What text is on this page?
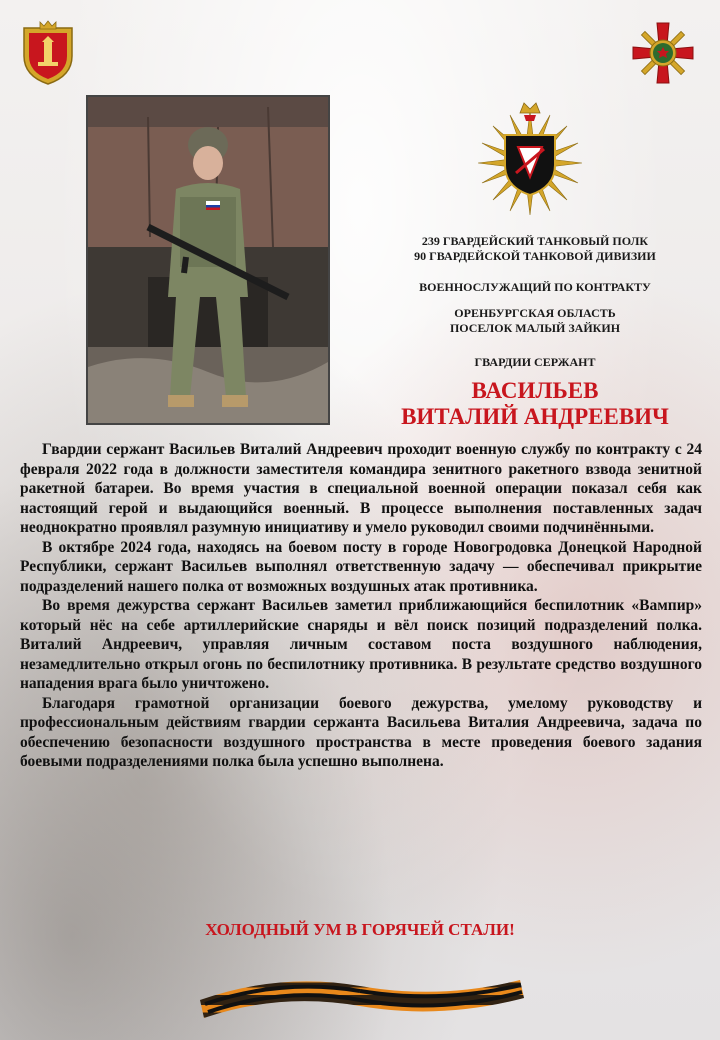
239 ГВАРДЕЙСКИЙ ТАНКОВЫЙ ПОЛК
90 ГВАРДЕЙСКОЙ ТАНКОВОЙ ДИВИЗИИ
ВОЕННОСЛУЖАЩИЙ ПО КОНТРАКТУ
ОРЕНБУРГСКАЯ ОБЛАСТЬ
ПОСЕЛОК МАЛЫЙ ЗАЙКИН
ГВАРДИИ СЕРЖАНТ
ВАСИЛЬЕВ
ВИТАЛИЙ АНДРЕЕВИЧ

Гвардии сержант Васильев Виталий Андреевич проходит военную службу по контракту с 24 февраля 2022 года в должности заместителя командира зенитного ракетного взвода зенитной ракетной батареи. Во время участия в специальной военной операции показал себя как настоящий герой и выдающийся военный. В процессе выполнения поставленных задач неоднократно проявлял разумную инициативу и умело руководил своими подчинёнными.

В октябре 2024 года, находясь на боевом посту в городе Новогродовка Донецкой Народной Республики, сержант Васильев выполнял ответственную задачу — обеспечивал прикрытие подразделений нашего полка от возможных воздушных атак противника.

Во время дежурства сержант Васильев заметил приближающийся беспилотник «Вампир» который нёс на себе артиллерийские снаряды и вёл поиск позиций подразделений полка. Виталий Андреевич, управляя личным составом поста воздушного наблюдения, незамедлительно открыл огонь по беспилотнику противника. В результате средство воздушного нападения врага было уничтожено.

Благодаря грамотной организации боевого дежурства, умелому руководству и профессиональным действиям гвардии сержанта Васильева Виталия Андреевича, задача по обеспечению безопасности воздушного пространства в месте проведения боевого задания боевыми подразделениями полка была успешно выполнена.

ХОЛОДНЫЙ УМ В ГОРЯЧЕЙ СТАЛИ!
